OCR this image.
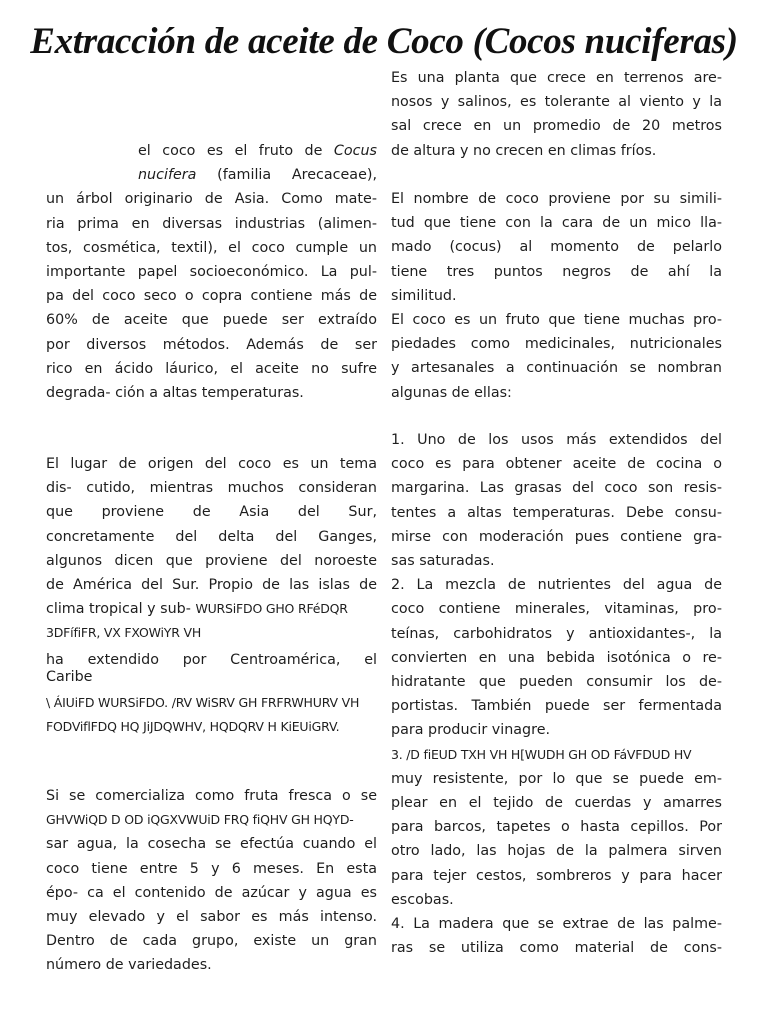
Extracción de aceite de Coco (Cocos nuciferas)
el coco es el fruto de Cocus
nucifera (familia Arecaceae),
un árbol originario de Asia. Como mate-
ria prima en diversas industrias (alimen-
tos, cosmética, textil), el coco cumple un
importante papel socioeconómico. La pul-
pa del coco seco o copra contiene más de
60% de aceite que puede ser extraído
por diversos métodos. Además de ser
rico en ácido láurico, el aceite no sufre
degrada- ción a altas temperaturas.
El lugar de origen del coco es un tema
dis- cutido, mientras muchos consideran
que proviene de Asia del Sur,
concretamente del delta del Ganges,
algunos dicen que proviene del noroeste
de América del Sur. Propio de las islas de
clima tropical y sub- WURSiFDO GHO RFéDQR
3DFífiFR, VX FXOWiYR VH
ha extendido por Centroamérica, el
Caribe
\ ÁIUiFD WURSiFDO. /RV WiSRV GH FRFRWHURV VH
FODViflFDQ HQ JiJDQWHV, HQDQRV H KiEUiGRV.
Si se comercializa como fruta fresca o se
GHVWiQD D OD iQGXVWUiD FRQ fiQHV GH HQYD-
sar agua, la cosecha se efectúa cuando el
coco tiene entre 5 y 6 meses. En esta
épo- ca el contenido de azúcar y agua es
muy elevado y el sabor es más intenso.
Dentro de cada grupo, existe un gran
número de variedades.
Es una planta que crece en terrenos are-
nosos y salinos, es tolerante al viento y la
sal crece en un promedio de 20 metros
de altura y no crecen en climas fríos.
El nombre de coco proviene por su simili-
tud que tiene con la cara de un mico lla-
mado (cocus) al momento de pelarlo
tiene tres puntos negros de ahí la
similitud.
El coco es un fruto que tiene muchas pro-
piedades como medicinales, nutricionales
y artesanales a continuación se nombran
algunas de ellas:
1. Uno de los usos más extendidos del
coco es para obtener aceite de cocina o
margarina. Las grasas del coco son resis-
tentes a altas temperaturas. Debe consu-
mirse con moderación pues contiene gra-
sas saturadas.
2. La mezcla de nutrientes del agua de
coco contiene minerales, vitaminas, pro-
teínas, carbohidratos y antioxidantes-, la
convierten en una bebida isotónica o re-
hidratante que pueden consumir los de-
portistas. También puede ser fermentada
para producir vinagre.
3. /D fiEUD TXH VH H[WUDH GH OD FáVFDUD HV
muy resistente, por lo que se puede em-
plear en el tejido de cuerdas y amarres
para barcos, tapetes o hasta cepillos. Por
otro lado, las hojas de la palmera sirven
para tejer cestos, sombreros y para hacer
escobas.
4. La madera que se extrae de las palme-
ras se utiliza como material de cons-
